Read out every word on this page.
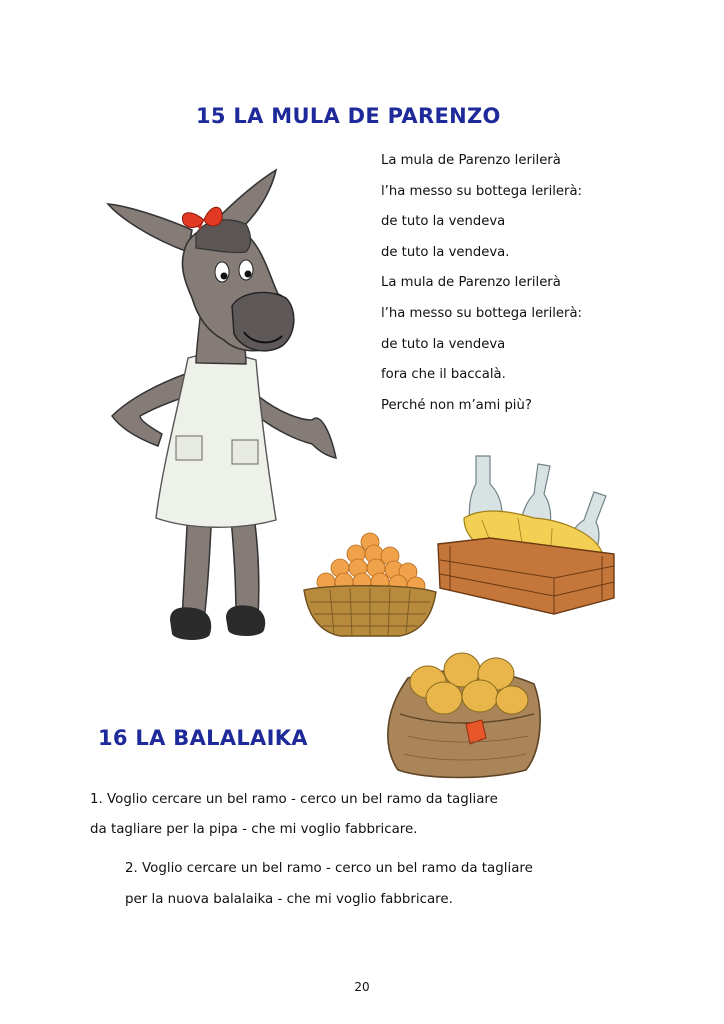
15 LA MULA DE PARENZO
La mula de Parenzo lerilerà
l’ha messo su bottega lerilerà:
de tuto la vendeva
de tuto la vendeva.
La mula de Parenzo lerilerà
l’ha messo su bottega lerilerà:
de tuto la vendeva
fora che il baccalà.
Perché non m’ami più?
16 LA BALALAIKA
1. Voglio cercare un bel ramo - cerco un bel ramo da tagliare
da tagliare per la pipa - che mi voglio fabbricare.
2. Voglio cercare un bel ramo - cerco un bel ramo da tagliare
per la nuova balalaika - che mi voglio fabbricare.
20
